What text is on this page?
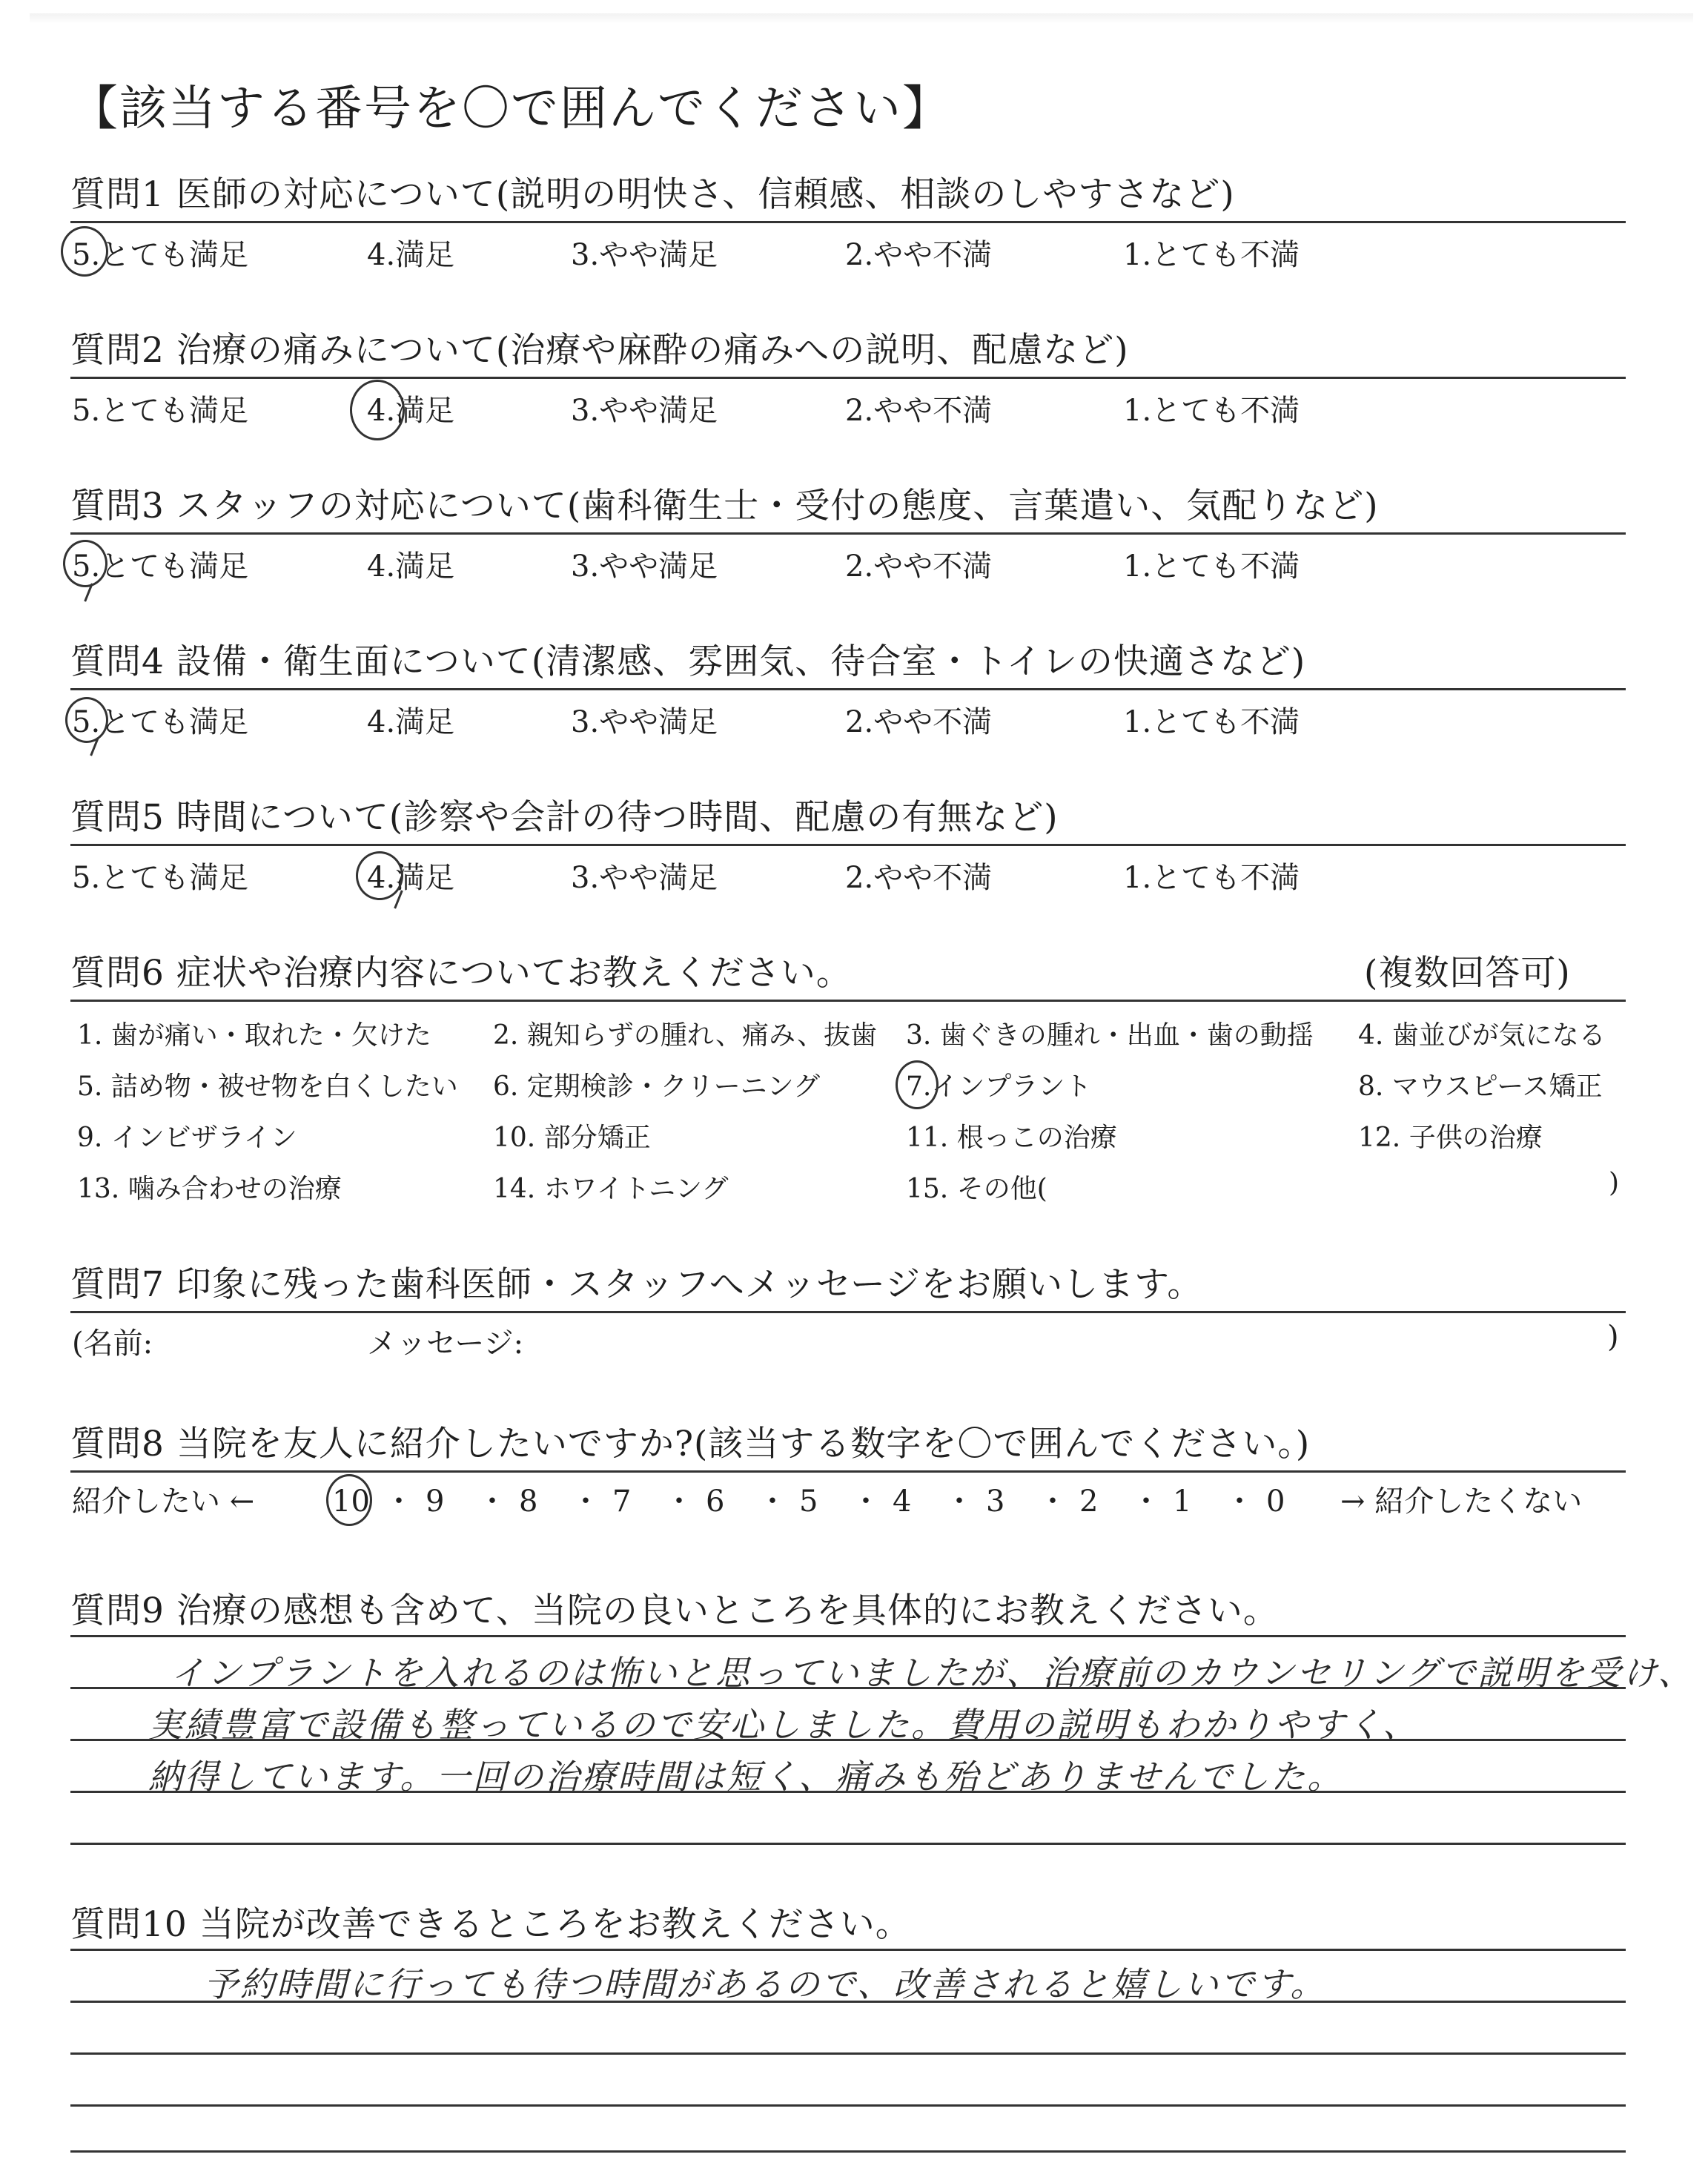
【該当する番号を〇で囲んでください】
質問1 医師の対応について(説明の明快さ、信頼感、相談のしやすさなど)
5.とても満足	4.満足	3.やや満足	2.やや不満	1.とても不満
質問2 治療の痛みについて(治療や麻酔の痛みへの説明、配慮など)
5.とても満足	4.満足	3.やや満足	2.やや不満	1.とても不満
質問3 スタッフの対応について(歯科衛生士・受付の態度、言葉遣い、気配りなど)
5.とても満足	4.満足	3.やや満足	2.やや不満	1.とても不満
質問4 設備・衛生面について(清潔感、雰囲気、待合室・トイレの快適さなど)
5.とても満足	4.満足	3.やや満足	2.やや不満	1.とても不満
質問5 時間について(診察や会計の待つ時間、配慮の有無など)
5.とても満足	4.満足	3.やや満足	2.やや不満	1.とても不満
質問6 症状や治療内容についてお教えください。	(複数回答可)
1. 歯が痛い・取れた・欠けた 2. 親知らずの腫れ、痛み、抜歯 3. 歯ぐきの腫れ・出血・歯の動揺 4. 歯並びが気になる
5. 詰め物・被せ物を白くしたい 6. 定期検診・クリーニング	7.インプラント	8. マウスピース矯正
9. インビザライン	10. 部分矯正	11. 根っこの治療	12. 子供の治療
13. 噛み合わせの治療	14. ホワイトニング	15. その他(	)
質問7 印象に残った歯科医師・スタッフへメッセージをお願いします。
(名前:	メッセージ:	)
質問8 当院を友人に紹介したいですか?(該当する数字を〇で囲んでください。)
紹介したい ←	10 ・ 9 ・ 8 ・ 7 ・ 6 ・ 5 ・ 4 ・ 3 ・ 2 ・ 1 ・ 0	→ 紹介したくない
質問9 治療の感想も含めて、当院の良いところを具体的にお教えください。
インプラントを入れるのは怖いと思っていましたが、治療前のカウンセリングで説明を受け、
実績豊富で設備も整っているので安心しました。費用の説明もわかりやすく、
納得しています。一回の治療時間は短く、痛みも殆どありませんでした。
質問10 当院が改善できるところをお教えください。
予約時間に行っても待つ時間があるので、改善されると嬉しいです。
